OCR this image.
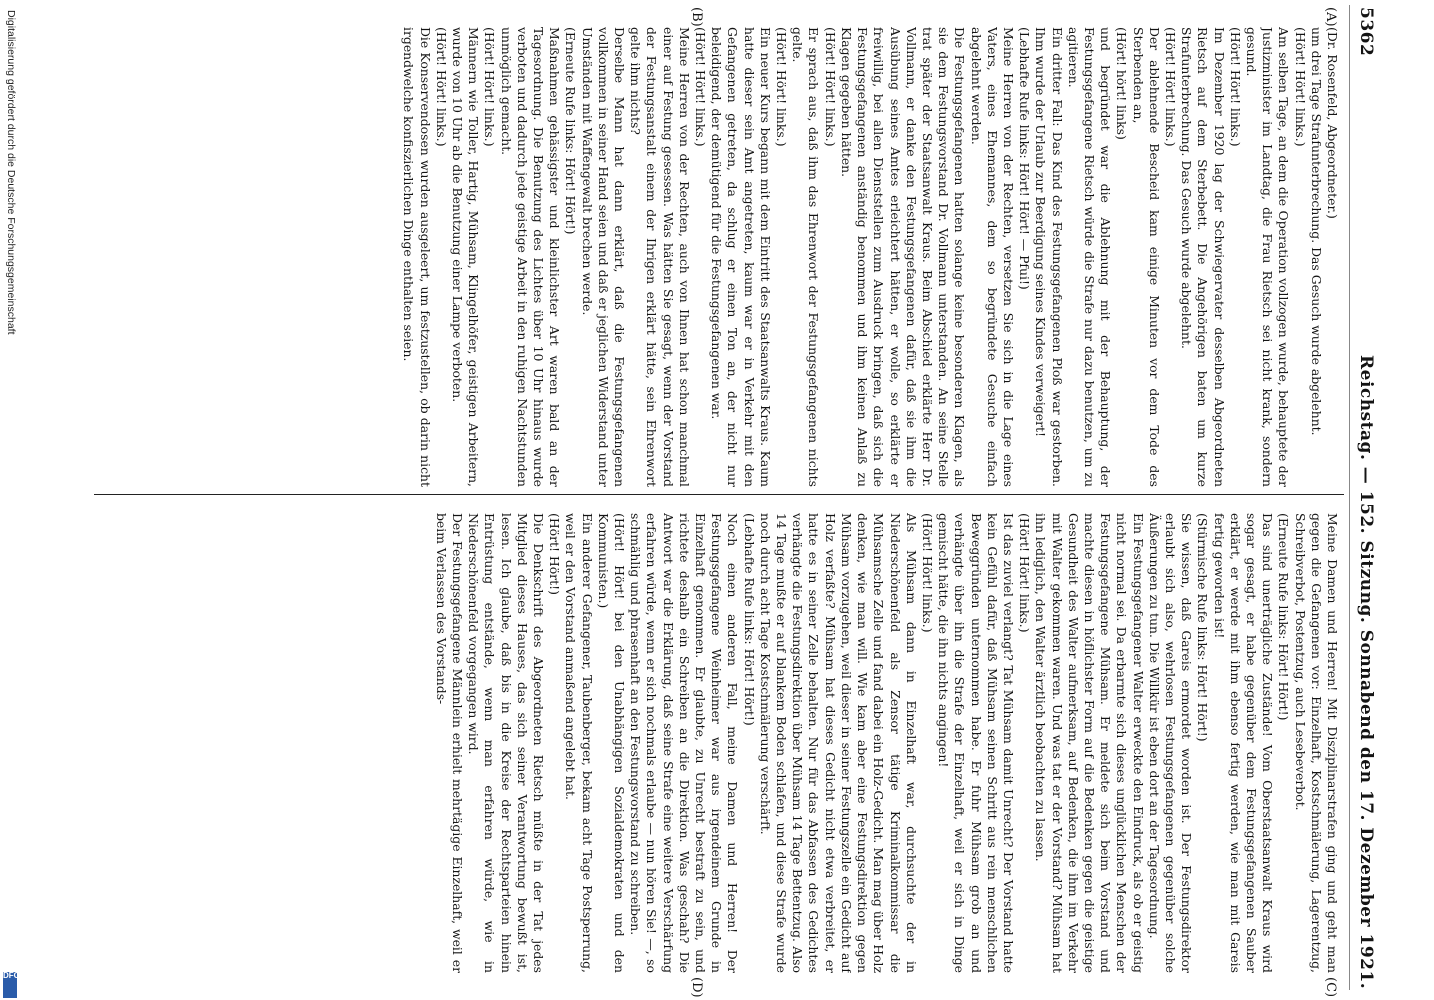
5362
Reichstag. — 152. Sitzung. Sonnabend den 17. Dezember 1921.
(A)
(B)
(C)
(D)
(Dr. Rosenfeld, Abgeordneter.)
um drei Tage Strafunterbrechung. Das Gesuch wurde abgelehnt.
(Hört! Hört! links.)
Am selben Tage, an dem die Operation vollzogen wurde, behauptete der Justizminister im Landtag, die Frau Rietsch sei nicht krank, sondern gesund.
(Hört! Hört! links.)
Im Dezember 1920 lag der Schwiegervater desselben Abgeordneten Rietsch auf dem Sterbebett. Die Angehörigen baten um kurze Strafunterbrechung. Das Gesuch wurde abgelehnt.
(Hört! Hört! links.)
Der ablehnende Bescheid kam einige Minuten vor dem Tode des Sterbenden an,
(Hört! hört! links)
und begründet war die Ablehnung mit der Behauptung, der Festungsgefangene Rietsch würde die Strafe nur dazu benutzen, um zu agitieren.
Ein dritter Fall: Das Kind des Festungsgefangenen Ploß war gestorben. Ihm wurde der Urlaub zur Beerdigung seines Kindes verweigert!
(Lebhafte Rufe links: Hört! Hört! — Pfui!)
Meine Herren von der Rechten, versetzen Sie sich in die Lage eines Vaters, eines Ehemannes, dem so begründete Gesuche einfach abgelehnt werden.
Die Festungsgefangenen hatten solange keine besonderen Klagen, als sie dem Festungsvorstand Dr. Vollmann unterstanden. An seine Stelle trat später der Staatsanwalt Kraus. Beim Abschied erklärte Herr Dr. Vollmann, er danke den Festungsgefangenen dafür, daß sie ihm die Ausübung seines Amtes erleichtert hätten, er wolle, so erklärte er freiwillig, bei allen Dienststellen zum Ausdruck bringen, daß sich die Festungsgefangenen anständig benommen und ihm keinen Anlaß zu Klagen gegeben hätten.
(Hört! Hört! links.)
Er sprach aus, daß ihm das Ehrenwort der Festungsgefangenen nichts gelte.
(Hört! Hört! links.)
Ein neuer Kurs begann mit dem Eintritt des Staatsanwalts Kraus. Kaum hatte dieser sein Amt angetreten, kaum war er in Verkehr mit den Gefangenen getreten, da schlug er einen Ton an, der nicht nur beleidigend, der demütigend für die Festungsgefangenen war.
(Hört! Hört! links.)
Meine Herren von der Rechten, auch von Ihnen hat schon manchmal einer auf Festung gesessen. Was hätten Sie gesagt, wenn der Vorstand der Festungsanstalt einem der Ihrigen erklärt hätte, sein Ehrenwort gelte ihm nichts?
Derselbe Mann hat dann erklärt, daß die Festungsgefangenen vollkommen in seiner Hand seien und daß er jeglichen Widerstand unter Umständen mit Waffengewalt brechen werde.
(Erneute Rufe links: Hört! Hört!)
Maßnahmen gehässigster und kleinlichster Art waren bald an der Tagesordnung. Die Benutzung des Lichtes über 10 Uhr hinaus wurde verboten und dadurch jede geistige Arbeit in den ruhigen Nachtstunden unmöglich gemacht.
(Hört! Hört! links.)
Männern wie Toller, Hartig, Mühsam, Klingelhöfer, geistigen Arbeitern, wurde von 10 Uhr ab die Benutzung einer Lampe verboten.
(Hört! Hört! links.)
Die Konservendosen wurden ausgeleert, um festzustellen, ob darin nicht irgendwelche konfiszierlichen Dinge enthalten seien.
Meine Damen und Herren! Mit Disziplinarstrafen ging und geht man gegen die Gefangenen vor: Einzelhaft, Kostschmälerung, Lagerentzug, Schreibverbot, Postentzug, auch Lesebeverbot.
(Erneute Rufe links: Hört! Hört!)
Das sind unerträgliche Zustände! Vom Oberstaatsanwalt Kraus wird sogar gesagt, er habe gegenüber dem Festungsgefangenen Sauber erklärt, er werde mit ihm ebenso fertig werden, wie man mit Gareis fertig geworden ist!
(Stürmische Rufe links: Hört! Hört!)
Sie wissen, daß Gareis ermordet worden ist. Der Festungsdirektor erlaubt sich also, wehrlosen Festungsgefangenen gegenüber solche Äußerungen zu tun. Die Willkür ist eben dort an der Tagesordnung.
Ein Festungsgefangener Walter erweckte den Eindruck, als ob er geistig nicht normal sei. Da erbarmte sich dieses unglücklichen Menschen der Festungsgefangene Mühsam. Er meldete sich beim Vorstand und machte diesen in höflichster Form auf die Bedenken gegen die geistige Gesundheit des Walter aufmerksam, auf Bedenken, die ihm im Verkehr mit Walter gekommen waren. Und was tat er der Vorstand? Mühsam hat ihn lediglich, den Walter ärztlich beobachten zu lassen.
(Hört! Hört! links.)
Ist das zuviel verlangt? Tat Mühsam damit Unrecht? Der Vorstand hatte kein Gefühl dafür, daß Mühsam seinen Schritt aus rein menschlichen Beweggründen unternommen habe. Er fuhr Mühsam grob an und verhängte über ihn die Strafe der Einzelhaft, weil er sich in Dinge gemischt hätte, die ihn nichts angingen!
(Hört! Hört! links.)
Als Mühsam dann in Einzelhaft war, durchsuchte der in Niederschönenfeld als Zensor tätige Kriminalkommissar die Mühsamsche Zelle und fand dabei ein Holz-Gedicht. Man mag über Holz denken, wie man will. Wie kam aber eine Festungsdirektion gegen Mühsam vorzugehen, weil dieser in seiner Festungszelle ein Gedicht auf Holz verfaßte? Mühsam hat dieses Gedicht nicht etwa verbreitet, er hatte es in seiner Zelle behalten. Nur für das Abfassen des Gedichtes verhängte die Festungsdirektion über Mühsam 14 Tage Bettentzug. Also 14 Tage mußte er auf blankem Boden schlafen, und diese Strafe wurde noch durch acht Tage Kostschmälerung verschärft.
(Lebhafte Rufe links: Hört! Hört!)
Noch einen anderen Fall, meine Damen und Herren! Der Festungsgefangene Weinheimer war aus irgendeinem Grunde in Einzelhaft genommen. Er glaubte, zu Unrecht bestraft zu sein, und richtete deshalb ein Schreiben an die Direktion. Was geschah? Die Antwort war die Erklärung, daß seine Strafe eine weitere Verschärfung erfahren würde, wenn er sich nochmals erlaube — nun hören Sie! —, so schmählig und phrasenhaft an den Festungsvorstand zu schreiben.
(Hört! Hört! bei den Unabhängigen Sozialdemokraten und den Kommunisten.)
Ein anderer Gefangener, Taubenberger, bekam acht Tage Postsperrung, weil er den Vorstand anmaßend angelebt hat.
(Hört! Hört!)
Die Denkschrift des Abgeordneten Rietsch müßte in der Tat jedes Mitglied dieses Hauses, das sich seiner Verantwortung bewußt ist, lesen. Ich glaube, daß bis in die Kreise der Rechtsparteien hinein Entrüstung entstände, wenn man erfahren würde, wie in Niederschönenfeld vorgegangen wird.
Der Festungsgefangene Männlein erhielt mehrtägige Einzelhaft, weil er beim Verlassen des Vorstands-
Digitalisierung gefördert durch die Deutsche Forschungsgemeinschaft
DFG
